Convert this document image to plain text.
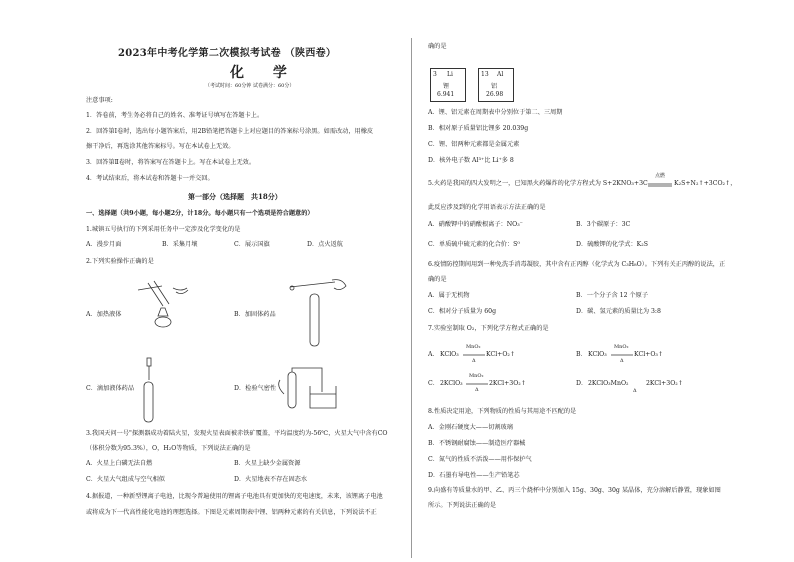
2023年中考化学第二次模拟考试卷 （陕西卷）
化 学
（考试时间：60分钟 试卷满分：60分）
注意事项:
1．答卷前，考生务必将自己的姓名、准考证号填写在答题卡上。
2．回答第Ⅰ卷时，选出每小题答案后，用2B铅笔把答题卡上对应题目的答案标号涂黑。如需改动，用橡皮
擦干净后，再选涂其他答案标号。写在本试卷上无效。
3．回答第Ⅱ卷时，将答案写在答题卡上。写在本试卷上无效。
4．考试结束后，将本试卷和答题卡一并交回。
第一部分（选择题　共18分）
一、选择题（共9小题，每小题2分，计18分。每小题只有一个选项是符合题意的）
1.城镇五号执行的下列采用任务中一定涉及化学变化的是
A．漫步月面	B．采集月壤	C．展示国旗	D．点火返航
2.下列实验操作正确的是
A．加热液体	B．加固体药品
C．滴加液体药品	D．检验气密性
3.我国天问一号"探测器成功着陆火星，发现火星表面被赤铁矿覆盖，平均温度约为-56℃，火星大气中含有CO
（体积分数为95.3%），O，H₂O等物质，下列说法正确的是
A．火星上白磷无法自燃	B．火星上缺少金属资源
C．火星大气组成与空气相似	D．火星地表不存在固态水
4.据报道，一种新型锂离子电池，比现今普遍使用的锂离子电池具有更加快的充电速度，未来，该锂离子电池
或将成为下一代高性能化电池的理想选择。下图是元素周期表中锂、铝两种元素的有关信息，下列说法不正
确的是
3 Li
锂
6.941
13 Al
铝
26.98
A．锂、铝元素在周期表中分别位于第二、三周期
B．相对原子质量铝比锂多 20.039g
C．锂、铝两种元素都是金属元素
D．核外电子数 Al³⁺比 Li⁺多 8
5.火药是我国的四大发明之一，已知黑火药爆炸的化学方程式为 S+2KNO₃+3C
点燃
K₂S+N₂↑+3CO₂↑，
此反应涉及到的化学用语表示方法正确的是
A．硝酸钾中的硝酸根离子：NO₃⁻	B．3个碳原子：3C
C．单质硫中硫元素的化合价：S⁰	D．硫酸钾的化学式：K₂S
6.疫情防控期间用到一种免洗手消毒凝胶，其中含有正丙醇（化学式为 C₃H₈O）。下列有关正丙醇的说法，正
确的是
A．属于无机物	B．一个分子含 12 个原子
C．相对分子质量为 60g	D．碳、氢元素的质量比为 3:8
7.实验室制取 O₂，下列化学方程式正确的是
A． KClO₃
MnO₂
Δ
KCl+O₂↑	B． KClO₃
MnO₂
Δ
KCl+O₃↑
C． 2KClO₃
MnO₂
Δ
2KCl+3O₂↑	D． 2KClO₃MnO₂
Δ
2KCl+3O₂↑
8.性质决定用途，下列物质的性质与其用途不匹配的是
A．金刚石硬度大——切割玻璃
B．不锈钢耐腐蚀——制造医疗器械
C．氮气的性质不活泼——用作保护气
D．石墨有导电性——生产铅笔芯
9.向盛有等质量水的甲、乙、丙三个烧杯中分别加入 15g、30g、30g 某晶体，充分溶解后静置，现象如图
所示。下列说法正确的是
